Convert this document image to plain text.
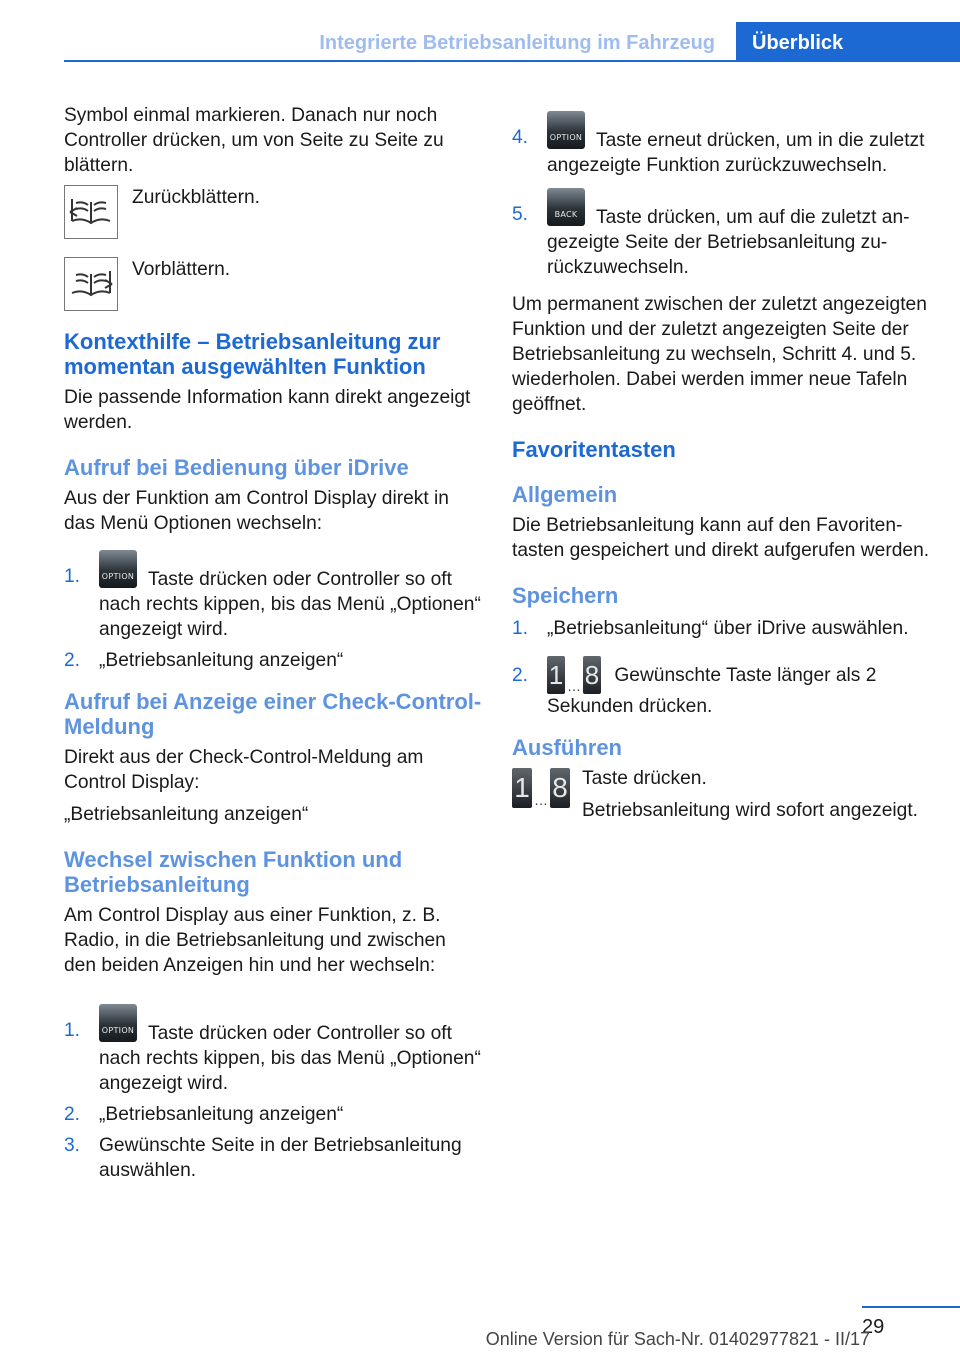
Integrierte Betriebsanleitung im Fahrzeug	Überblick

Symbol einmal markieren. Danach nur noch Controller drücken, um von Seite zu Seite zu blättern.

Zurückblättern.
Vorblättern.
Kontexthilfe – Betriebsanleitung zur momentan ausgewählten Funktion

Die passende Information kann direkt angezeigt werden.

Aufruf bei Bedienung über iDrive

Aus der Funktion am Control Display direkt in das Menü Optionen wechseln:

1.	OPTION Taste drücken oder Controller so oft nach rechts kippen, bis das Menü „Optionen“ angezeigt wird.
2. „Betriebsanleitung anzeigen“
Aufruf bei Anzeige einer Check-Control-Meldung

Direkt aus der Check-Control-Meldung am Control Display:

„Betriebsanleitung anzeigen“

Wechsel zwischen Funktion und Betriebsanleitung

Am Control Display aus einer Funktion, z. B. Radio, in die Betriebsanleitung und zwischen den beiden Anzeigen hin und her wechseln:

1.	OPTION Taste drücken oder Controller so oft nach rechts kippen, bis das Menü „Optionen“ angezeigt wird.
2. „Betriebsanleitung anzeigen“
3. Gewünschte Seite in der Betriebsanleitung auswählen.
4.	OPTION Taste erneut drücken, um in die zuletzt angezeigte Funktion zurückzuwechseln.
5.	BACK Taste drücken, um auf die zuletzt angezeigte Seite der Betriebsanleitung zurückzuwechseln.

Um permanent zwischen der zuletzt angezeigten Funktion und der zuletzt angezeigten Seite der Betriebsanleitung zu wechseln, Schritt 4. und 5. wiederholen. Dabei werden immer neue Tafeln geöffnet.

Favoritentasten
Allgemein

Die Betriebsanleitung kann auf den Favoritentasten gespeichert und direkt aufgerufen werden.

Speichern
1. „Betriebsanleitung“ über iDrive auswählen.
2. 1 … 8 Gewünschte Taste länger als 2 Sekunden drücken.
Ausführen
1 … 8 Taste drücken.

Betriebsanleitung wird sofort angezeigt.

29
Online Version für Sach-Nr. 01402977821 - II/17
